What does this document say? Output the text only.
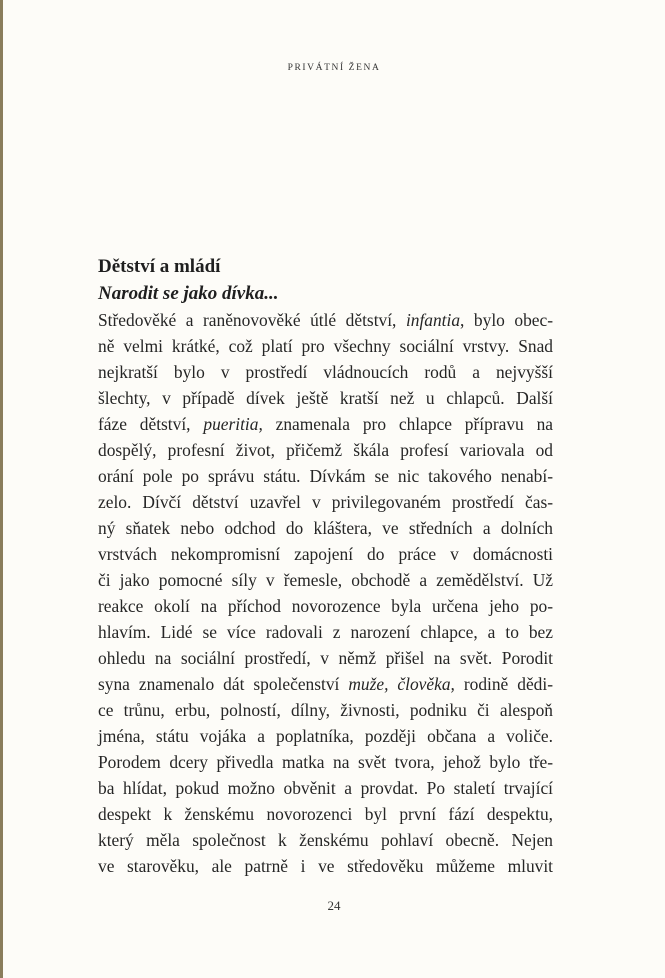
PRIVÁTNÍ ŽENA
Dětství a mládí
Narodit se jako dívka...
Středověké a raněnovověké útlé dětství, infantia, bylo obec-
ně velmi krátké, což platí pro všechny sociální vrstvy. Snad
nejkratší bylo v prostředí vládnoucích rodů a nejvyšší
šlechty, v případě dívek ještě kratší než u chlapců. Další
fáze dětství, pueritia, znamenala pro chlapce přípravu na
dospělý, profesní život, přičemž škála profesí variovala od
orání pole po správu státu. Dívkám se nic takového nenabí-
zelo. Dívčí dětství uzavřel v privilegovaném prostředí čas-
ný sňatek nebo odchod do kláštera, ve středních a dolních
vrstvách nekompromisní zapojení do práce v domácnosti
či jako pomocné síly v řemesle, obchodě a zemědělství. Už
reakce okolí na příchod novorozence byla určena jeho po-
hlavím. Lidé se více radovali z narození chlapce, a to bez
ohledu na sociální prostředí, v němž přišel na svět. Porodit
syna znamenalo dát společenství muže, člověka, rodině dědi-
ce trůnu, erbu, polností, dílny, živnosti, podniku či alespoň
jména, státu vojáka a poplatníka, později občana a voliče.
Porodem dcery přivedla matka na svět tvora, jehož bylo tře-
ba hlídat, pokud možno obvěnit a provdat. Po staletí trvající
despekt k ženskému novorozenci byl první fází despektu,
který měla společnost k ženskému pohlaví obecně. Nejen
ve starověku, ale patrně i ve středověku můžeme mluvit
24
